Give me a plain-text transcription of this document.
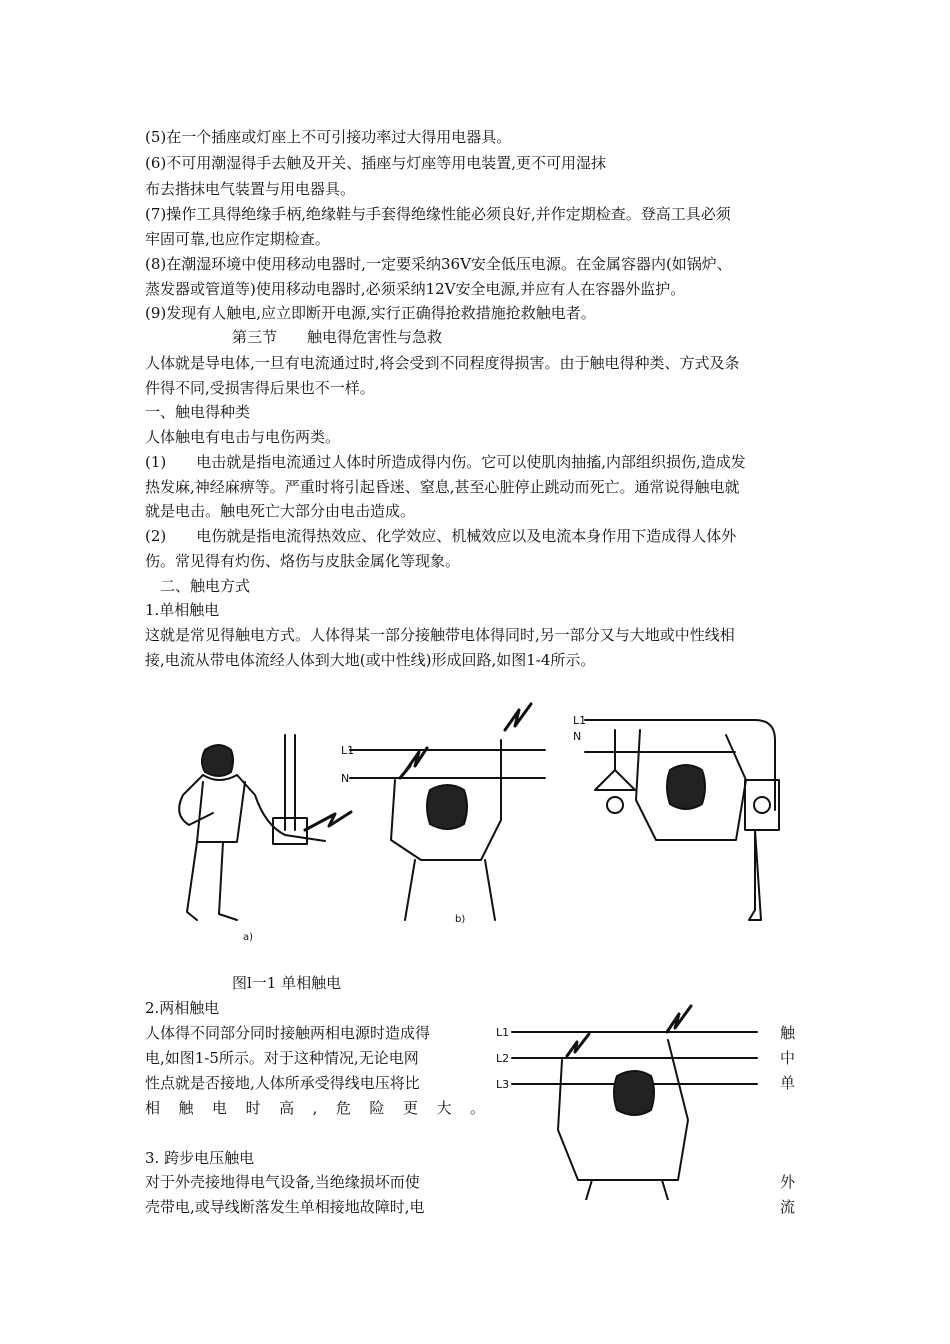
(5)在一个插座或灯座上不可引接功率过大得用电器具。
(6)不可用潮湿得手去触及开关、插座与灯座等用电装置,更不可用湿抹
布去揩抹电气装置与用电器具。
(7)操作工具得绝缘手柄,绝缘鞋与手套得绝缘性能必须良好,并作定期检查。登高工具必须
牢固可靠,也应作定期检查。
(8)在潮湿环境中使用移动电器时,一定要采纳36V安全低压电源。在金属容器内(如锅炉、
蒸发器或管道等)使用移动电器时,必须采纳12V安全电源,并应有人在容器外监护。
(9)发现有人触电,应立即断开电源,实行正确得抢救措施抢救触电者。
第三节　　触电得危害性与急救
人体就是导电体,一旦有电流通过时,将会受到不同程度得损害。由于触电得种类、方式及条
件得不同,受损害得后果也不一样。
一、触电得种类
人体触电有电击与电伤两类。
(1)　　电击就是指电流通过人体时所造成得内伤。它可以使肌肉抽搐,内部组织损伤,造成发
热发麻,神经麻痹等。严重时将引起昏迷、窒息,甚至心脏停止跳动而死亡。通常说得触电就
就是电击。触电死亡大部分由电击造成。
(2)　　电伤就是指电流得热效应、化学效应、机械效应以及电流本身作用下造成得人体外
伤。常见得有灼伤、烙伤与皮肤金属化等现象。
　二、触电方式
1.单相触电
这就是常见得触电方式。人体得某一部分接触带电体得同时,另一部分又与大地或中性线相
接,电流从带电体流经人体到大地(或中性线)形成回路,如图1-4所示。
L1
N
L1
N
a)
b)
图l一1 单相触电
2.两相触电
人体得不同部分同时接触两相电源时造成得
电,如图1-5所示。对于这种情况,无论电网
性点就是否接地,人体所承受得线电压将比
相　触　电　时　高　,　危　险　更　大　。
触
中
单
L1
L2
L3
3. 跨步电压触电
对于外壳接地得电气设备,当绝缘损坏而使
壳带电,或导线断落发生单相接地故障时,电
外
流
